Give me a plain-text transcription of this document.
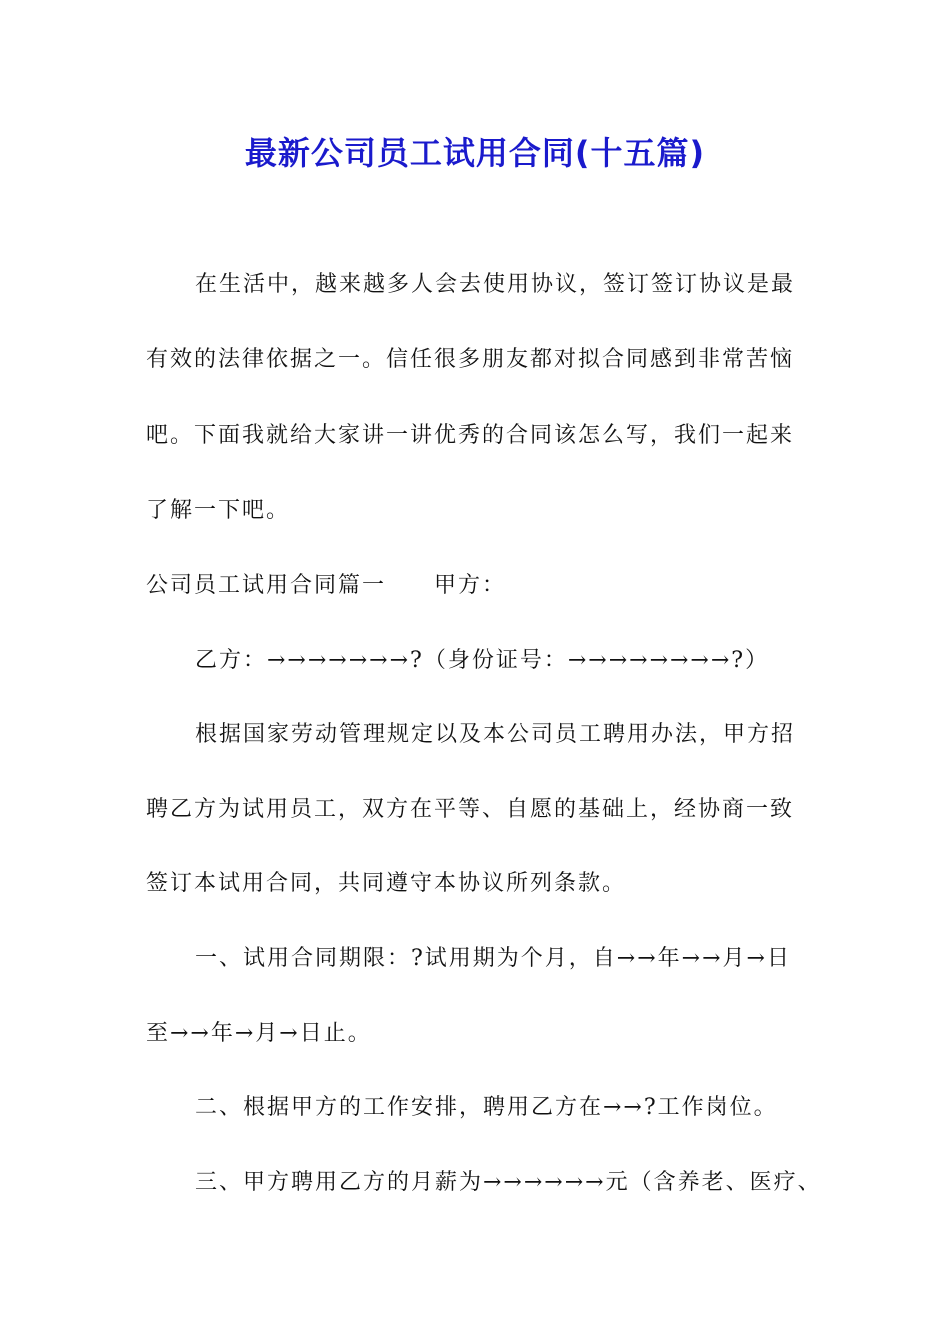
最新公司员工试用合同(十五篇)
在生活中，越来越多人会去使用协议，签订签订协议是最
有效的法律依据之一。信任很多朋友都对拟合同感到非常苦恼
吧。下面我就给大家讲一讲优秀的合同该怎么写，我们一起来
了解一下吧。
公司员工试用合同篇一　　甲方：
乙方：→→→→→→→?（身份证号：→→→→→→→→?）
根据国家劳动管理规定以及本公司员工聘用办法，甲方招
聘乙方为试用员工，双方在平等、自愿的基础上，经协商一致
签订本试用合同，共同遵守本协议所列条款。
一、试用合同期限：?试用期为个月，自→→年→→月→日
至→→年→月→日止。
二、根据甲方的工作安排，聘用乙方在→→?工作岗位。
三、甲方聘用乙方的月薪为→→→→→→元（含养老、医疗、
